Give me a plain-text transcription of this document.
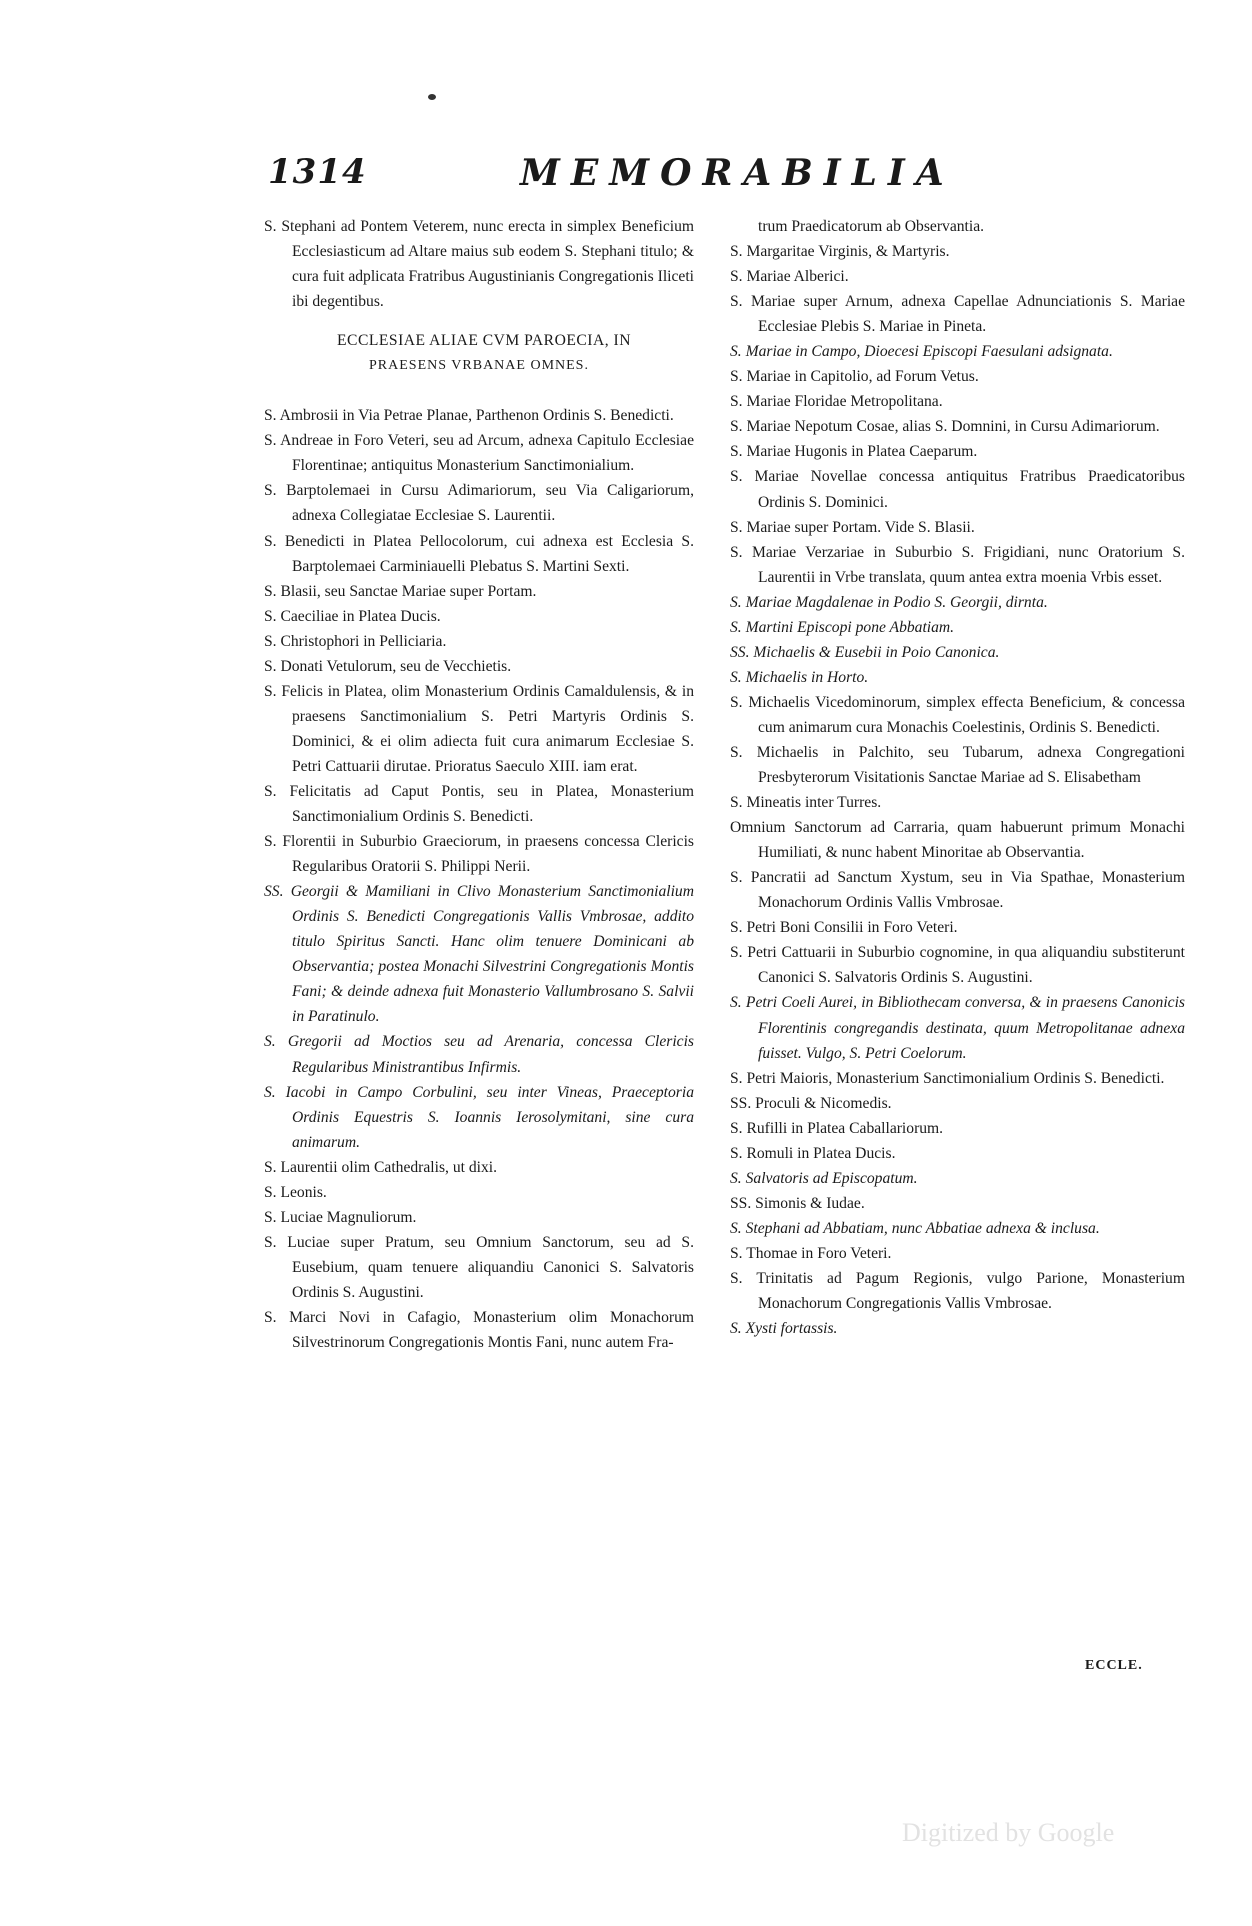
1314	MEMORABILIA

S. Stephani ad Pontem Veterem, nunc erecta in simplex Beneficium Ecclesiasticum ad Altare maius sub eodem S. Stephani titulo; & cura fuit adplicata Fratribus Augustinianis Congregationis Iliceti ibi degentibus.

ECCLESIAE ALIAE CVM PAROECIA, IN
PRAESENS VRBANAE OMNES.

S. Ambrosii in Via Petrae Planae, Parthenon Ordinis S. Benedicti.

S. Andreae in Foro Veteri, seu ad Arcum, adnexa Capitulo Ecclesiae Florentinae; antiquitus Monasterium Sanctimonialium.

S. Barptolemaei in Cursu Adimariorum, seu Via Caligariorum, adnexa Collegiatae Ecclesiae S. Laurentii.

S. Benedicti in Platea Pellocolorum, cui adnexa est Ecclesia S. Barptolemaei Carminiauelli Plebatus S. Martini Sexti.

S. Blasii, seu Sanctae Mariae super Portam.

S. Caeciliae in Platea Ducis.

S. Christophori in Pelliciaria.

S. Donati Vetulorum, seu de Vecchietis.

S. Felicis in Platea, olim Monasterium Ordinis Camaldulensis, & in praesens Sanctimonialium S. Petri Martyris Ordinis S. Dominici, & ei olim adiecta fuit cura animarum Ecclesiae S. Petri Cattuarii dirutae. Prioratus Saeculo XIII. iam erat.

S. Felicitatis ad Caput Pontis, seu in Platea, Monasterium Sanctimonialium Ordinis S. Benedicti.

S. Florentii in Suburbio Graeciorum, in praesens concessa Clericis Regularibus Oratorii S. Philippi Nerii.

SS. Georgii & Mamiliani in Clivo Monasterium Sanctimonialium Ordinis S. Benedicti Congregationis Vallis Vmbrosae, addito titulo Spiritus Sancti. Hanc olim tenuere Dominicani ab Observantia; postea Monachi Silvestrini Congregationis Montis Fani; & deinde adnexa fuit Monasterio Vallumbrosano S. Salvii in Paratinulo.

S. Gregorii ad Moctios seu ad Arenaria, concessa Clericis Regularibus Ministrantibus Infirmis.

S. Iacobi in Campo Corbulini, seu inter Vineas, Praeceptoria Ordinis Equestris S. Ioannis Ierosolymitani, sine cura animarum.

S. Laurentii olim Cathedralis, ut dixi.

S. Leonis.

S. Luciae Magnuliorum.

S. Luciae super Pratum, seu Omnium Sanctorum, seu ad S. Eusebium, quam tenuere aliquandiu Canonici S. Salvatoris Ordinis S. Augustini.

S. Marci Novi in Cafagio, Monasterium olim Monachorum Silvestrinorum Congregationis Montis Fani, nunc autem Fra-

trum Praedicatorum ab Observantia.

S. Margaritae Virginis, & Martyris.

S. Mariae Alberici.

S. Mariae super Arnum, adnexa Capellae Adnunciationis S. Mariae Ecclesiae Plebis S. Mariae in Pineta.

S. Mariae in Campo, Dioecesi Episcopi Faesulani adsignata.

S. Mariae in Capitolio, ad Forum Vetus.

S. Mariae Floridae Metropolitana.

S. Mariae Nepotum Cosae, alias S. Domnini, in Cursu Adimariorum.

S. Mariae Hugonis in Platea Caeparum.

S. Mariae Novellae concessa antiquitus Fratribus Praedicatoribus Ordinis S. Dominici.

S. Mariae super Portam. Vide S. Blasii.

S. Mariae Verzariae in Suburbio S. Frigidiani, nunc Oratorium S. Laurentii in Vrbe translata, quum antea extra moenia Vrbis esset.

S. Mariae Magdalenae in Podio S. Georgii, dirnta.

S. Martini Episcopi pone Abbatiam.

SS. Michaelis & Eusebii in Poio Canonica.

S. Michaelis in Horto.

S. Michaelis Vicedominorum, simplex effecta Beneficium, & concessa cum animarum cura Monachis Coelestinis, Ordinis S. Benedicti.

S. Michaelis in Palchito, seu Tubarum, adnexa Congregationi Presbyterorum Visitationis Sanctae Mariae ad S. Elisabetham

S. Mineatis inter Turres.

Omnium Sanctorum ad Carraria, quam habuerunt primum Monachi Humiliati, & nunc habent Minoritae ab Observantia.

S. Pancratii ad Sanctum Xystum, seu in Via Spathae, Monasterium Monachorum Ordinis Vallis Vmbrosae.

S. Petri Boni Consilii in Foro Veteri.

S. Petri Cattuarii in Suburbio cognomine, in qua aliquandiu substiterunt Canonici S. Salvatoris Ordinis S. Augustini.

S. Petri Coeli Aurei, in Bibliothecam conversa, & in praesens Canonicis Florentinis congregandis destinata, quum Metropolitanae adnexa fuisset. Vulgo, S. Petri Coelorum.

S. Petri Maioris, Monasterium Sanctimonialium Ordinis S. Benedicti.

SS. Proculi & Nicomedis.

S. Rufilli in Platea Caballariorum.

S. Romuli in Platea Ducis.

S. Salvatoris ad Episcopatum.

SS. Simonis & Iudae.

S. Stephani ad Abbatiam, nunc Abbatiae adnexa & inclusa.

S. Thomae in Foro Veteri.

S. Trinitatis ad Pagum Regionis, vulgo Parione, Monasterium Monachorum Congregationis Vallis Vmbrosae.

S. Xysti fortassis.

ECCLE.
Digitized by Google
